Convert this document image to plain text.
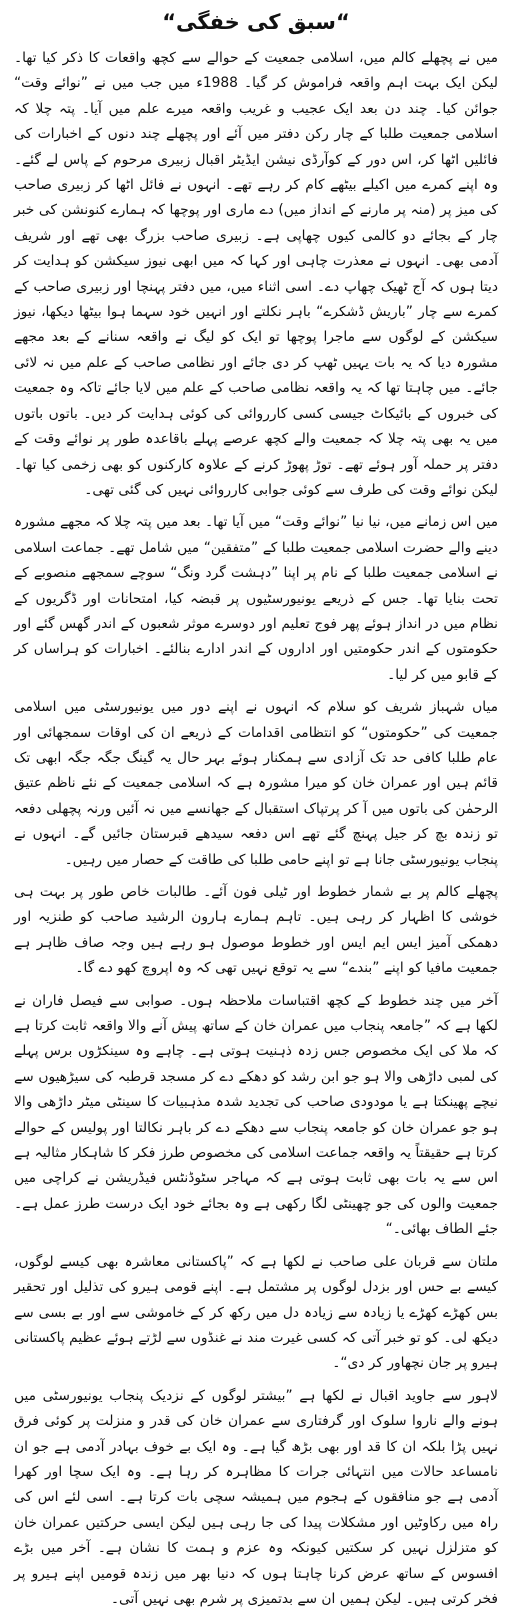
“سبق کی خفگی“

میں نے پچھلے کالم میں، اسلامی جمعیت کے حوالے سے کچھ واقعات کا ذکر کیا تھا۔ لیکن ایک بہت اہم واقعہ فراموش کر گیا۔ 1988ء میں جب میں نے ”نوائے وقت“ جوائن کیا۔ چند دن بعد ایک عجیب و غریب واقعہ میرے علم میں آیا۔ پتہ چلا کہ اسلامی جمعیت طلبا کے چار رکن دفتر میں آئے اور پچھلے چند دنوں کے اخبارات کی فائلیں اٹھا کر، اس دور کے کوآرڈی نیشن ایڈیٹر اقبال زبیری مرحوم کے پاس لے گئے۔ وہ اپنے کمرے میں اکیلے بیٹھے کام کر رہے تھے۔ انہوں نے فائل اٹھا کر زبیری صاحب کی میز پر (منہ پر مارنے کے انداز میں) دے ماری اور پوچھا کہ ہمارے کنونشن کی خبر چار کے بجائے دو کالمی کیوں چھاپی ہے۔ زبیری صاحب بزرگ بھی تھے اور شریف آدمی بھی۔ انہوں نے معذرت چاہی اور کہا کہ میں ابھی نیوز سیکشن کو ہدایت کر دیتا ہوں کہ آج ٹھیک چھاپ دے۔ اسی اثناء میں، میں دفتر پہنچا اور زبیری صاحب کے کمرے سے چار ”باریش ڈشکرے“ باہر نکلتے اور انہیں خود سہما ہوا بیٹھا دیکھا، نیوز سیکشن کے لوگوں سے ماجرا پوچھا تو ایک کو لیگ نے واقعہ سنانے کے بعد مجھے مشورہ دیا کہ یہ بات یہیں ٹھپ کر دی جائے اور نظامی صاحب کے علم میں نہ لائی جائے۔ میں چاہتا تھا کہ یہ واقعہ نظامی صاحب کے علم میں لایا جائے تاکہ وہ جمعیت کی خبروں کے بائیکاٹ جیسی کسی کارروائی کی کوئی ہدایت کر دیں۔ باتوں باتوں میں یہ بھی پتہ چلا کہ جمعیت والے کچھ عرصے پہلے باقاعدہ طور پر نوائے وقت کے دفتر پر حملہ آور ہوئے تھے۔ توڑ پھوڑ کرنے کے علاوہ کارکنوں کو بھی زخمی کیا تھا۔ لیکن نوائے وقت کی طرف سے کوئی جوابی کارروائی نہیں کی گئی تھی۔

میں اس زمانے میں، نیا نیا ”نوائے وقت“ میں آیا تھا۔ بعد میں پتہ چلا کہ مجھے مشورہ دینے والے حضرت اسلامی جمعیت طلبا کے ”متفقین“ میں شامل تھے۔ جماعت اسلامی نے اسلامی جمعیت طلبا کے نام پر اپنا ”دہشت گرد ونگ“ سوچے سمجھے منصوبے کے تحت بنایا تھا۔ جس کے ذریعے یونیورسٹیوں پر قبضہ کیا، امتحانات اور ڈگریوں کے نظام میں در انداز ہوئے پھر فوج تعلیم اور دوسرے موثر شعبوں کے اندر گھس گئے اور حکومتوں کے اندر حکومتیں اور اداروں کے اندر ادارے بنالئے۔ اخبارات کو ہراساں کر کے قابو میں کر لیا۔

میاں شہباز شریف کو سلام کہ انہوں نے اپنے دور میں یونیورسٹی میں اسلامی جمعیت کی ”حکومتوں“ کو انتظامی اقدامات کے ذریعے ان کی اوقات سمجھائی اور عام طلبا کافی حد تک آزادی سے ہمکنار ہوئے بہر حال یہ گینگ جگہ جگہ ابھی تک قائم ہیں اور عمران خان کو میرا مشورہ ہے کہ اسلامی جمعیت کے نئے ناظم عتیق الرحمٰن کی باتوں میں آ کر پرتپاک استقبال کے جھانسے میں نہ آئیں ورنہ پچھلی دفعہ تو زندہ بچ کر جیل پہنچ گئے تھے اس دفعہ سیدھے قبرستان جائیں گے۔ انہوں نے پنجاب یونیورسٹی جانا ہے تو اپنے حامی طلبا کی طاقت کے حصار میں رہیں۔

پچھلے کالم پر بے شمار خطوط اور ٹیلی فون آئے۔ طالبات خاص طور پر بہت ہی خوشی کا اظہار کر رہی ہیں۔ تاہم ہمارے ہارون الرشید صاحب کو طنزیہ اور دھمکی آمیز ایس ایم ایس اور خطوط موصول ہو رہے ہیں وجہ صاف ظاہر ہے جمعیت مافیا کو اپنے ”بندے“ سے یہ توقع نہیں تھی کہ وہ اپروچ کھو دے گا۔

آخر میں چند خطوط کے کچھ اقتباسات ملاحظہ ہوں۔ صوابی سے فیصل فاران نے لکھا ہے کہ ”جامعہ پنجاب میں عمران خان کے ساتھ پیش آنے والا واقعہ ثابت کرتا ہے کہ ملا کی ایک مخصوص جس زدہ ذہنیت ہوتی ہے۔ چاہے وہ سینکڑوں برس پہلے کی لمبی داڑھی والا ہو جو ابن رشد کو دھکے دے کر مسجد قرطبہ کی سیڑھیوں سے نیچے پھینکتا ہے یا مودودی صاحب کی تجدید شدہ مذہبیات کا سینٹی میٹر داڑھی والا ہو جو عمران خان کو جامعہ پنجاب سے دھکے دے کر باہر نکالتا اور پولیس کے حوالے کرتا ہے حقیقتاً یہ واقعہ جماعت اسلامی کی مخصوص طرز فکر کا شاہکار مثالیہ ہے اس سے یہ بات بھی ثابت ہوتی ہے کہ مہاجر سٹوڈنٹس فیڈریشن نے کراچی میں جمعیت والوں کی جو چھینٹی لگا رکھی ہے وہ بجائے خود ایک درست طرز عمل ہے۔ جئے الطاف بھائی۔“

ملتان سے قربان علی صاحب نے لکھا ہے کہ ”پاکستانی معاشرہ بھی کیسے لوگوں، کیسے بے حس اور بزدل لوگوں پر مشتمل ہے۔ اپنے قومی ہیرو کی تذلیل اور تحقیر بس کھڑے کھڑے یا زیادہ سے زیادہ دل میں رکھ کر کے خاموشی سے اور بے بسی سے دیکھ لی۔ کو تو خبر آتی کہ کسی غیرت مند نے غنڈوں سے لڑتے ہوئے عظیم پاکستانی ہیرو پر جان نچھاور کر دی“۔

لاہور سے جاوید اقبال نے لکھا ہے ”بیشتر لوگوں کے نزدیک پنجاب یونیورسٹی میں ہونے والے ناروا سلوک اور گرفتاری سے عمران خان کی قدر و منزلت پر کوئی فرق نہیں پڑا بلکہ ان کا قد اور بھی بڑھ گیا ہے۔ وہ ایک بے خوف بہادر آدمی ہے جو ان نامساعد حالات میں انتہائی جرات کا مظاہرہ کر رہا ہے۔ وہ ایک سچا اور کھرا آدمی ہے جو منافقوں کے ہجوم میں ہمیشہ سچی بات کرتا ہے۔ اسی لئے اس کی راہ میں رکاوٹیں اور مشکلات پیدا کی جا رہی ہیں لیکن ایسی حرکتیں عمران خان کو متزلزل نہیں کر سکتیں کیونکہ وہ عزم و ہمت کا نشان ہے۔ آخر میں بڑے افسوس کے ساتھ عرض کرنا چاہتا ہوں کہ دنیا بھر میں زندہ قومیں اپنے ہیرو پر فخر کرتی ہیں۔ لیکن ہمیں ان سے بدتمیزی پر شرم بھی نہیں آتی۔
